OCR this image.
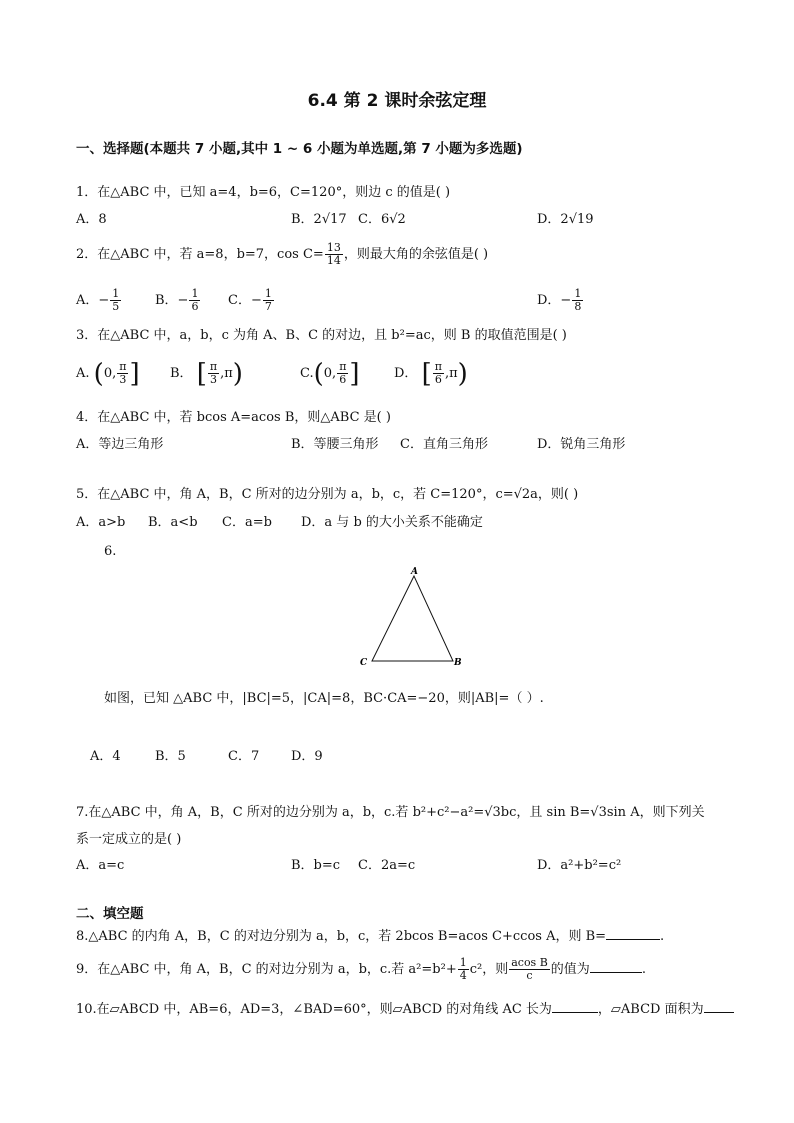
6.4 第 2 课时余弦定理
一、选择题(本题共 7 小题,其中 1 ~ 6 小题为单选题,第 7 小题为多选题)
1．在△ABC 中，已知 a=4，b=6，C=120°，则边 c 的值是( )
A．8	B．2√17 C．6√2	D．2√19
2．在△ABC 中，若 a=8，b=7，$\cos C= \frac{13}{14}$ ，则最大角的余弦值是( )
A．− $\frac{1}{5}$	B．− $\frac{1}{6}$ C．− $\frac{1}{7}$	D．− $\frac{1}{8}$
3．在△ABC 中，a，b，c 为角 A、B、C 的对边，且 b²=ac，则 B 的取值范围是( )
A. (0, $\frac{\pi}{3}$ ] B． [ $\frac{\pi}{3} ,\pi$)	C.(0, $\frac{\pi}{6}$ ]	D． [ $\frac{\pi}{6} ,\pi$)
4．在△ABC 中，若 bcos A=acos B，则△ABC 是( )
A．等边三角形	B．等腰三角形 C．直角三角形	D．锐角三角形
5．在△ABC 中，角 A，B，C 所对的边分别为 a，b，c，若 C=120°，c=√2a，则( )
A．a>b B．a<b C．a=b D．a 与 b 的大小关系不能确定
6.
A
C	B
如图，已知 △ABC 中，|BC|=5，|CA|=8，BC·CA=−20，则|AB|=（ ）.
A．4	B．5	C．7 D．9
7.在△ABC 中，角 A，B，C 所对的边分别为 a，b，c.若 b²+c²−a²=√3bc，且 sin B=√3sin A，则下列关
系一定成立的是( )
A．a=c	B．b=c C．2a=c	D．a²+b²=c²
二、填空题
8.△ABC 的内角 A，B，C 的对边分别为 a，b，c，若 2bcos B=acos C+ccos A，则 B=	.
9．在△ABC 中，角 A，B，C 的对边分别为 a，b，c.若 $a^2=b^2+ \frac{1}{4} c^2$，则 $\frac{\text{acos B}}{c}$ 的值为	.
10.在▱ABCD 中，AB=6，AD=3，∠BAD=60°，则▱ABCD 的对角线 AC 长为	，▱ABCD 面积为
